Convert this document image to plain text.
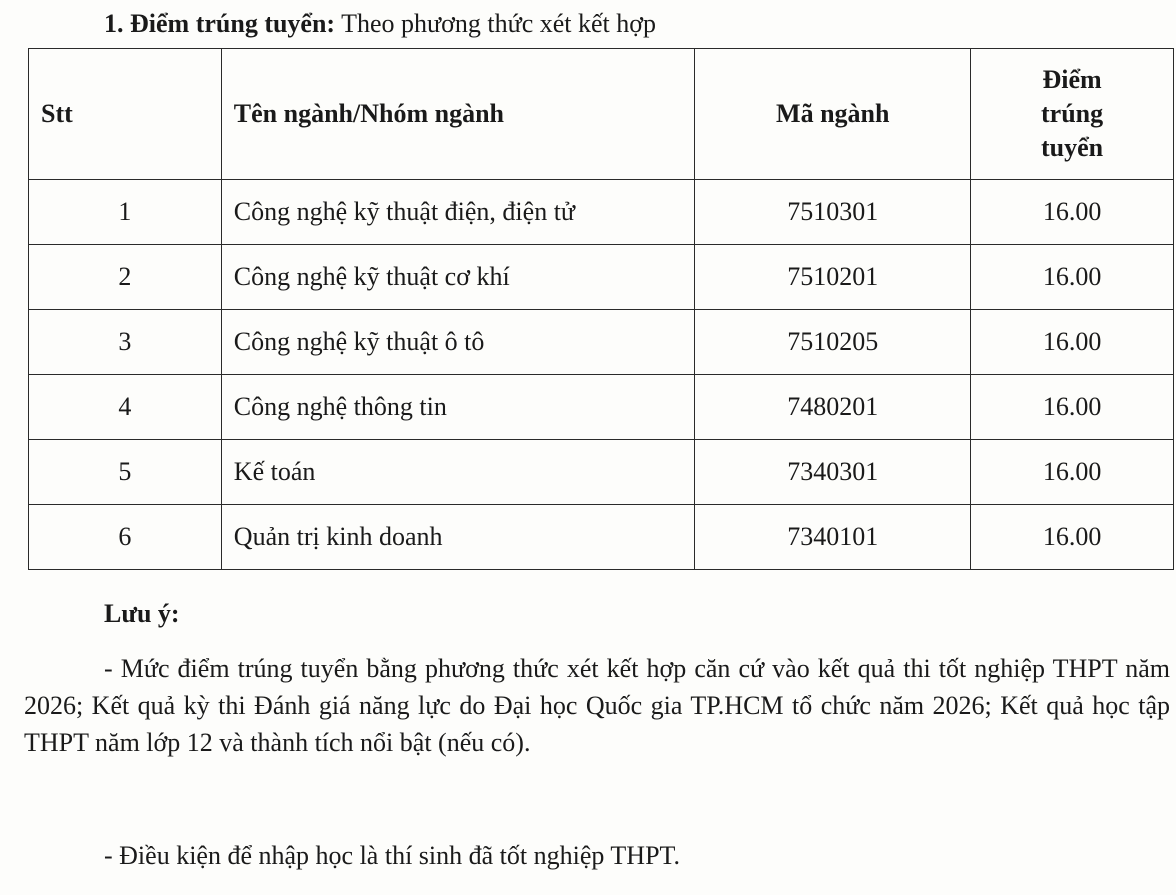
1. Điểm trúng tuyển: Theo phương thức xét kết hợp
Stt	Tên ngành/Nhóm ngành	Mã ngành	Điểm
trúng
tuyển

1	Công nghệ kỹ thuật điện, điện tử	7510301	16.00
2	Công nghệ kỹ thuật cơ khí	7510201	16.00
3	Công nghệ kỹ thuật ô tô	7510205	16.00
4	Công nghệ thông tin	7480201	16.00
5	Kế toán	7340301	16.00
6	Quản trị kinh doanh	7340101	16.00
Lưu ý:

- Mức điểm trúng tuyển bằng phương thức xét kết hợp căn cứ vào kết quả thi tốt nghiệp THPT năm 2026; Kết quả kỳ thi Đánh giá năng lực do Đại học Quốc gia TP.HCM tổ chức năm 2026; Kết quả học tập THPT năm lớp 12 và thành tích nổi bật (nếu có).

- Điều kiện để nhập học là thí sinh đã tốt nghiệp THPT.
